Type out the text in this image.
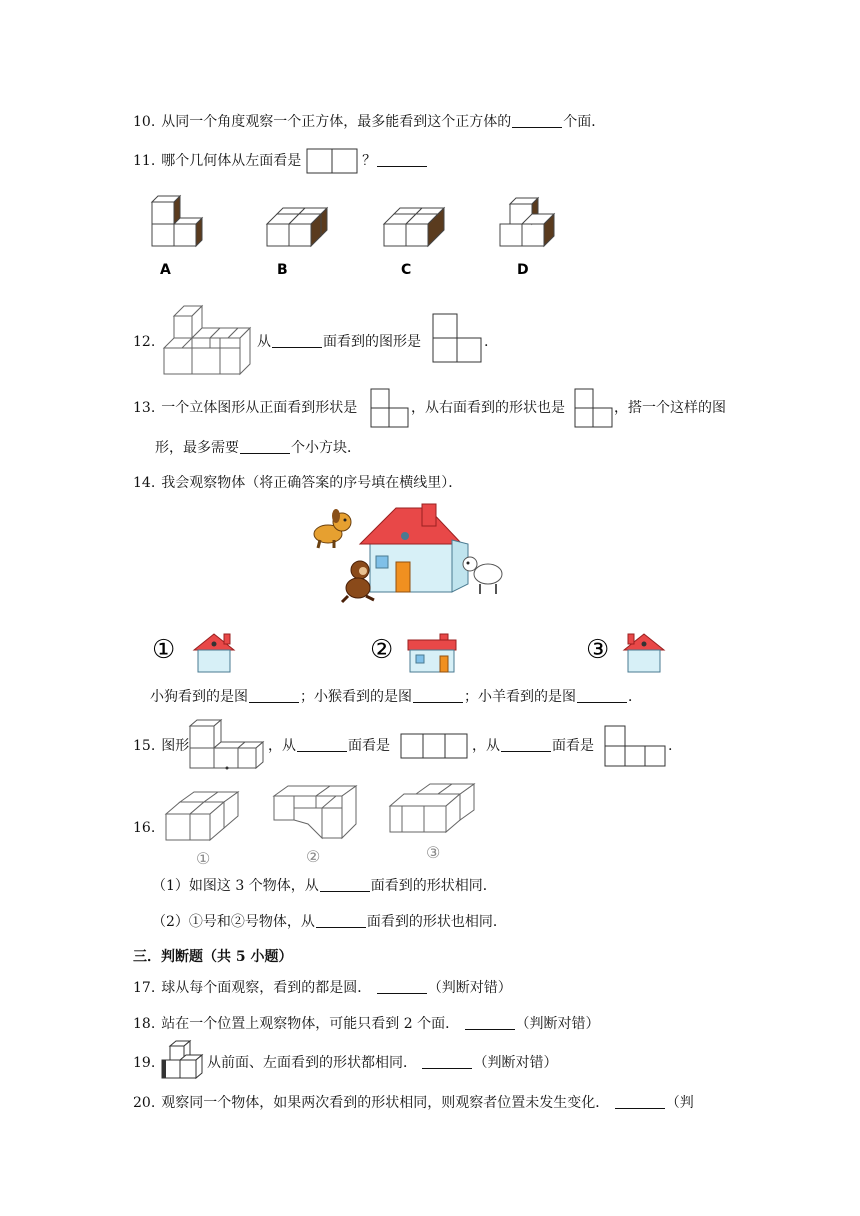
10. 从同一个角度观察一个正方体，最多能看到这个正方体的	个面．
11. 哪个几何体从左面看是	？
A	B	C	D
12.	从	面看到的图形是	.
13. 一个立体图形从正面看到形状是	，从右面看到的形状也是	，搭一个这样的图
形，最多需要	个小方块．
14. 我会观察物体（将正确答案的序号填在横线里）．
①	②	③
小狗看到的是图	；小猴看到的是图	；小羊看到的是图	．
15. 图形	，从	面看是	，从	面看是	.
16.
①	②	③
（1）如图这 3 个物体，从	面看到的形状相同．
（2）①号和②号物体，从	面看到的形状也相同．
三．判断题（共 5 小题）
17. 球从每个面观察，看到的都是圆．	（判断对错）
18. 站在一个位置上观察物体，可能只看到 2 个面．	（判断对错）
19.	从前面、左面看到的形状都相同．	（判断对错）
20. 观察同一个物体，如果两次看到的形状相同，则观察者位置未发生变化．	（判
